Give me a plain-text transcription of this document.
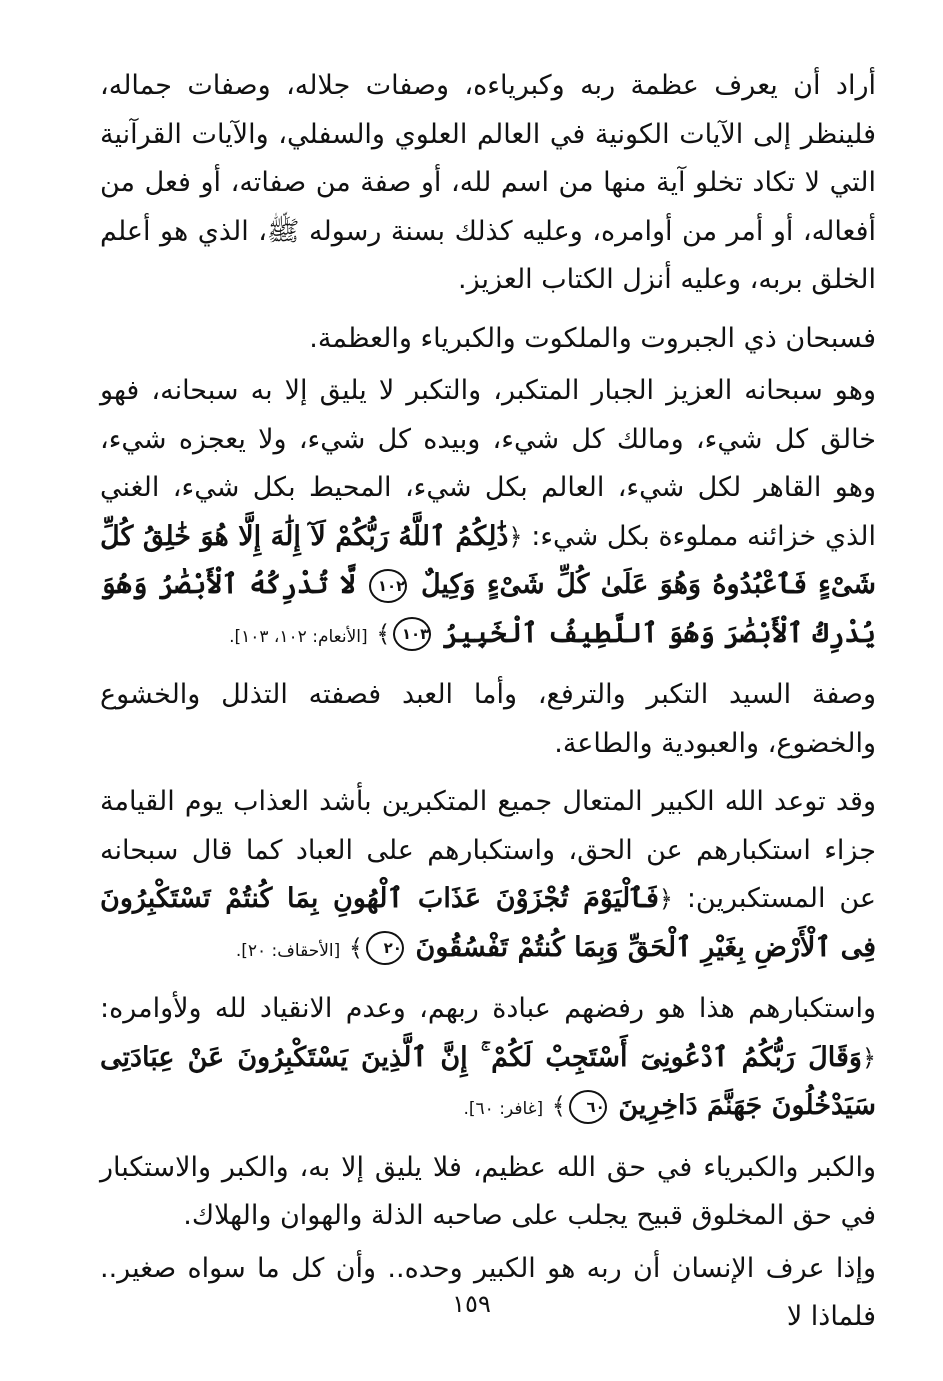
أراد أن يعرف عظمة ربه وكبرياءه، وصفات جلاله، وصفات جماله، فلينظر إلى الآيات الكونية في العالم العلوي والسفلي، والآيات القرآنية التي لا تكاد تخلو آية منها من اسم لله، أو صفة من صفاته، أو فعل من أفعاله، أو أمر من أوامره، وعليه كذلك بسنة رسوله ﷺ، الذي هو أعلم الخلق بربه، وعليه أنزل الكتاب العزيز.

فسبحان ذي الجبروت والملكوت والكبرياء والعظمة.

وهو سبحانه العزيز الجبار المتكبر، والتكبر لا يليق إلا به سبحانه، فهو خالق كل شيء، ومالك كل شيء، وبيده كل شيء، ولا يعجزه شيء، وهو القاهر لكل شيء، العالم بكل شيء، المحيط بكل شيء، الغني الذي خزائنه مملوءة بكل شيء: ﴿ذَٰلِكُمُ ٱللَّهُ رَبُّكُمْ لَآ إِلَٰهَ إِلَّا هُوَ خَٰلِقُ كُلِّ شَىْءٍ فَٱعْبُدُوهُ وَهُوَ عَلَىٰ كُلِّ شَىْءٍ وَكِيلٌ ١٠٢ لَّا تُدْرِكُهُ ٱلْأَبْصَٰرُ وَهُوَ يُدْرِكُ ٱلْأَبْصَٰرَ وَهُوَ ٱللَّطِيفُ ٱلْخَبِيرُ ١٠٣﴾ [الأنعام: ١٠٢، ١٠٣].

وصفة السيد التكبر والترفع، وأما العبد فصفته التذلل والخشوع والخضوع، والعبودية والطاعة.

وقد توعد الله الكبير المتعال جميع المتكبرين بأشد العذاب يوم القيامة جزاء استكبارهم عن الحق، واستكبارهم على العباد كما قال سبحانه عن المستكبرين: ﴿فَٱلْيَوْمَ تُجْزَوْنَ عَذَابَ ٱلْهُونِ بِمَا كُنتُمْ تَسْتَكْبِرُونَ فِى ٱلْأَرْضِ بِغَيْرِ ٱلْحَقِّ وَبِمَا كُنتُمْ تَفْسُقُونَ ٢٠﴾ [الأحقاف: ٢٠].

واستكبارهم هذا هو رفضهم عبادة ربهم، وعدم الانقياد لله ولأوامره: ﴿وَقَالَ رَبُّكُمُ ٱدْعُونِىٓ أَسْتَجِبْ لَكُمْ ۚ إِنَّ ٱلَّذِينَ يَسْتَكْبِرُونَ عَنْ عِبَادَتِى سَيَدْخُلُونَ جَهَنَّمَ دَاخِرِينَ ٦٠﴾ [غافر: ٦٠].

والكبر والكبرياء في حق الله عظيم، فلا يليق إلا به، والكبر والاستكبار في حق المخلوق قبيح يجلب على صاحبه الذلة والهوان والهلاك.

وإذا عرف الإنسان أن ربه هو الكبير وحده.. وأن كل ما سواه صغير.. فلماذا لا

١٥٩
